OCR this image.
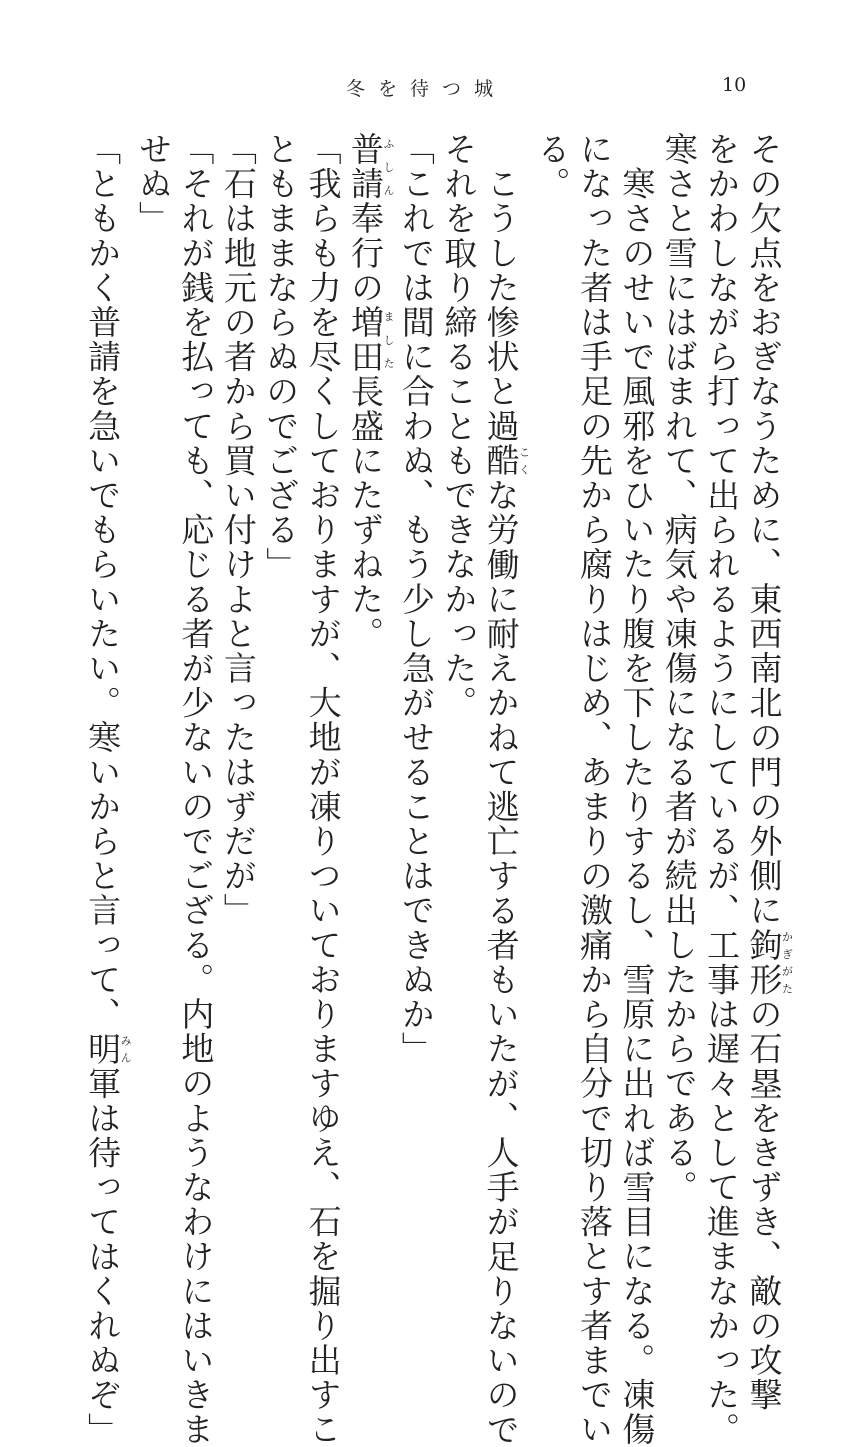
冬を待つ城	10
その欠点をおぎなうために、東西南北の門の外側に鉤形かぎがたの石塁をきずき、敵の攻撃
をかわしながら打って出られるようにしているが、工事は遅々として進まなかった。
寒さと雪にはばまれて、病気や凍傷になる者が続出したからである。
　寒さのせいで風邪をひいたり腹を下したりするし、雪原に出れば雪目になる。凍傷
になった者は手足の先から腐りはじめ、あまりの激痛から自分で切り落とす者までい
る。
　こうした惨状と過酷こくな労働に耐えかねて逃亡する者もいたが、人手が足りないので
それを取り締ることもできなかった。
「これでは間に合わぬ、もう少し急がせることはできぬか」
普請ふしん奉行の増田ました長盛にたずねた。
「我らも力を尽くしておりますが、大地が凍りついておりますゆえ、石を掘り出すこ
ともままならぬのでござる」
「石は地元の者から買い付けよと言ったはずだが」
「それが銭を払っても、応じる者が少ないのでござる。内地のようなわけにはいきま
せぬ」
「ともかく普請を急いでもらいたい。寒いからと言って、明みん軍は待ってはくれぬぞ」
